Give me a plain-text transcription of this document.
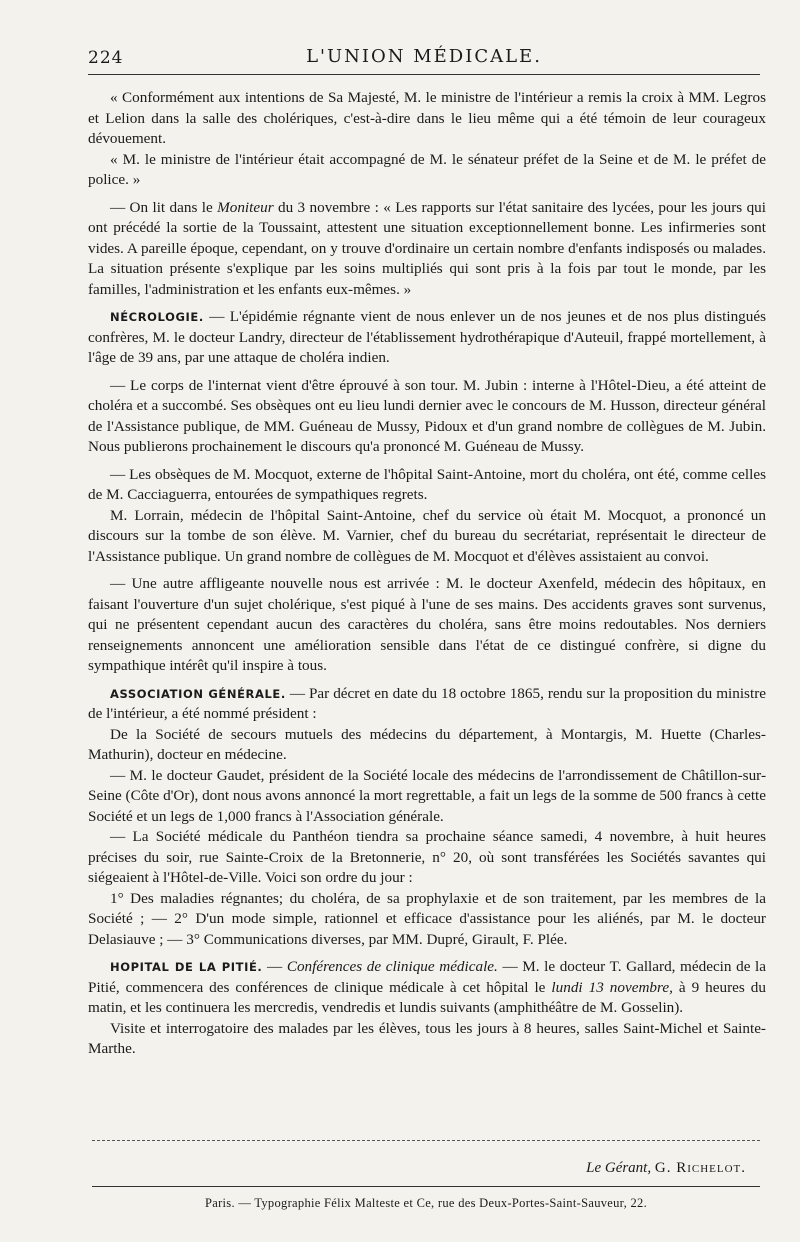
224	L'UNION MÉDICALE.

« Conformément aux intentions de Sa Majesté, M. le ministre de l'intérieur a remis la croix à MM. Legros et Lelion dans la salle des cholériques, c'est-à-dire dans le lieu même qui a été témoin de leur courageux dévouement.

« M. le ministre de l'intérieur était accompagné de M. le sénateur préfet de la Seine et de M. le préfet de police. »

— On lit dans le Moniteur du 3 novembre : « Les rapports sur l'état sanitaire des lycées, pour les jours qui ont précédé la sortie de la Toussaint, attestent une situation exceptionnellement bonne. Les infirmeries sont vides. A pareille époque, cependant, on y trouve d'ordinaire un certain nombre d'enfants indisposés ou malades. La situation présente s'explique par les soins multipliés qui sont pris à la fois par tout le monde, par les familles, l'administration et les enfants eux-mêmes. »

NÉCROLOGIE. — L'épidémie régnante vient de nous enlever un de nos jeunes et de nos plus distingués confrères, M. le docteur Landry, directeur de l'établissement hydrothérapique d'Auteuil, frappé mortellement, à l'âge de 39 ans, par une attaque de choléra indien.

— Le corps de l'internat vient d'être éprouvé à son tour. M. Jubin : interne à l'Hôtel-Dieu, a été atteint de choléra et a succombé. Ses obsèques ont eu lieu lundi dernier avec le concours de M. Husson, directeur général de l'Assistance publique, de MM. Guéneau de Mussy, Pidoux et d'un grand nombre de collègues de M. Jubin. Nous publierons prochainement le discours qu'a prononcé M. Guéneau de Mussy.

— Les obsèques de M. Mocquot, externe de l'hôpital Saint-Antoine, mort du choléra, ont été, comme celles de M. Cacciaguerra, entourées de sympathiques regrets.

M. Lorrain, médecin de l'hôpital Saint-Antoine, chef du service où était M. Mocquot, a prononcé un discours sur la tombe de son élève. M. Varnier, chef du bureau du secrétariat, représentait le directeur de l'Assistance publique. Un grand nombre de collègues de M. Mocquot et d'élèves assistaient au convoi.

— Une autre affligeante nouvelle nous est arrivée : M. le docteur Axenfeld, médecin des hôpitaux, en faisant l'ouverture d'un sujet cholérique, s'est piqué à l'une de ses mains. Des accidents graves sont survenus, qui ne présentent cependant aucun des caractères du choléra, sans être moins redoutables. Nos derniers renseignements annoncent une amélioration sensible dans l'état de ce distingué confrère, si digne du sympathique intérêt qu'il inspire à tous.

ASSOCIATION GÉNÉRALE. — Par décret en date du 18 octobre 1865, rendu sur la proposition du ministre de l'intérieur, a été nommé président :

De la Société de secours mutuels des médecins du département, à Montargis, M. Huette (Charles-Mathurin), docteur en médecine.

— M. le docteur Gaudet, président de la Société locale des médecins de l'arrondissement de Châtillon-sur-Seine (Côte d'Or), dont nous avons annoncé la mort regrettable, a fait un legs de la somme de 500 francs à cette Société et un legs de 1,000 francs à l'Association générale.

— La Société médicale du Panthéon tiendra sa prochaine séance samedi, 4 novembre, à huit heures précises du soir, rue Sainte-Croix de la Bretonnerie, n° 20, où sont transférées les Sociétés savantes qui siégeaient à l'Hôtel-de-Ville. Voici son ordre du jour :

1° Des maladies régnantes; du choléra, de sa prophylaxie et de son traitement, par les membres de la Société ; — 2° D'un mode simple, rationnel et efficace d'assistance pour les aliénés, par M. le docteur Delasiauve ; — 3° Communications diverses, par MM. Dupré, Girault, F. Plée.

HOPITAL DE LA PITIÉ. — Conférences de clinique médicale. — M. le docteur T. Gallard, médecin de la Pitié, commencera des conférences de clinique médicale à cet hôpital le lundi 13 novembre, à 9 heures du matin, et les continuera les mercredis, vendredis et lundis suivants (amphithéâtre de M. Gosselin).

Visite et interrogatoire des malades par les élèves, tous les jours à 8 heures, salles Saint-Michel et Sainte-Marthe.

Le Gérant, G. Richelot.
Paris. — Typographie Félix Malteste et Ce, rue des Deux-Portes-Saint-Sauveur, 22.
